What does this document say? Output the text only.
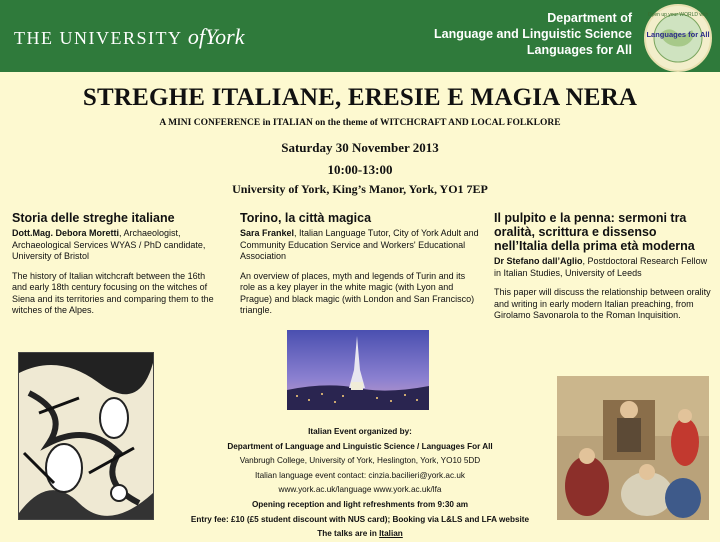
THE UNIVERSITY ofYork
Department of
Language and Linguistic Science
Languages for All
Open up your WORLD with
Languages for All
STREGHE ITALIANE, ERESIE E MAGIA NERA
A MINI CONFERENCE in ITALIAN on the theme of WITCHCRAFT AND LOCAL FOLKLORE
Saturday 30 November 2013
10:00-13:00
University of York, King’s Manor, York, YO1 7EP
Storia delle streghe italiane
Dott.Mag. Debora Moretti, Archaeologist, Archaeological Services WYAS / PhD candidate, University of Bristol

The history of Italian witchcraft between the 16th and early 18th century focusing on the witches of Siena and its territories and comparing them to the witches of the Alpes.

Torino, la città magica
Sara Frankel, Italian Language Tutor, City of York Adult and Community Education Service and Workers' Educational Association

An overview of places, myth and legends of Turin and its role as a key player in the white magic (with Lyon and Prague) and black magic (with London and San Francisco) triangle.

Il pulpito e la penna: sermoni tra oralità, scrittura e dissenso nell’Italia della prima età moderna
Dr Stefano dall’Aglio, Postdoctoral Research Fellow in Italian Studies, University of Leeds

This paper will discuss the relationship between orality and writing in early modern Italian preaching, from Girolamo Savonarola to the Roman Inquisition.

Italian Event organized by:
Department of Language and Linguistic Science / Languages For All
Vanbrugh College, University of York, Heslington, York, YO10 5DD
Italian language event contact: cinzia.bacilieri@york.ac.uk
www.york.ac.uk/language www.york.ac.uk/lfa
Opening reception and light refreshments from 9:30 am
Entry fee: £10 (£5 student discount with NUS card); Booking via L&LS and LFA website
The talks are in Italian
